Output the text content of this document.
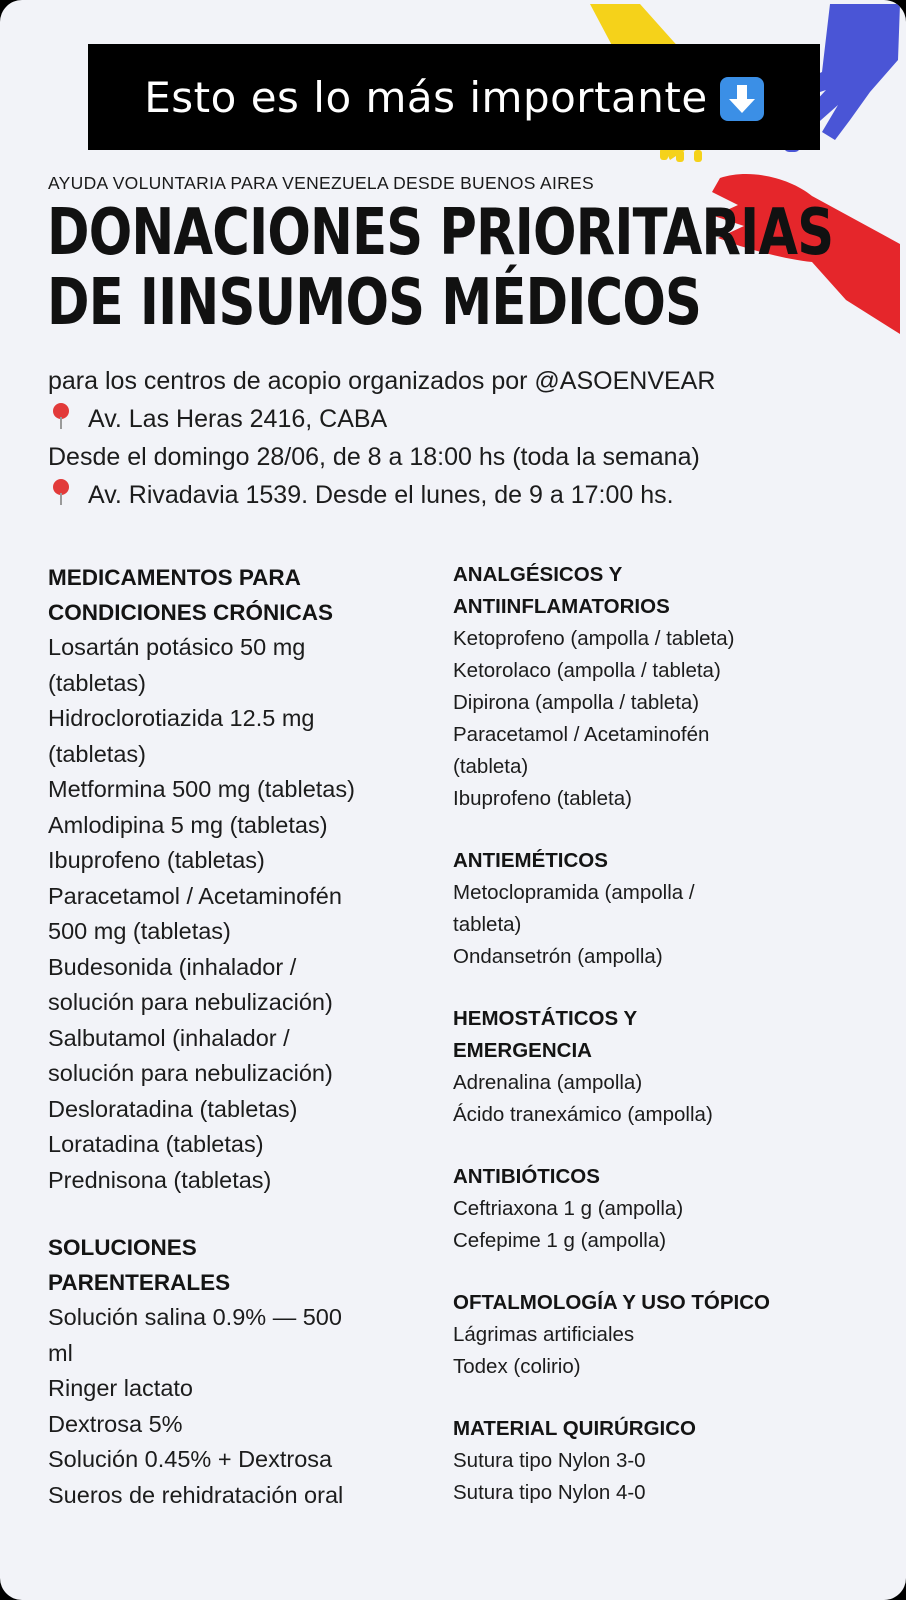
Esto es lo más importante
AYUDA VOLUNTARIA PARA VENEZUELA DESDE BUENOS AIRES
DONACIONES PRIORITARIAS
DE IINSUMOS MÉDICOS
para los centros de acopio organizados por @ASOENVEAR
Av. Las Heras 2416, CABA
Desde el domingo 28/06, de 8 a 18:00 hs (toda la semana)
Av. Rivadavia 1539. Desde el lunes, de 9 a 17:00 hs.
MEDICAMENTOS PARA
CONDICIONES CRÓNICAS
Losartán potásico 50 mg
(tabletas)
Hidroclorotiazida 12.5 mg
(tabletas)
Metformina 500 mg (tabletas)
Amlodipina 5 mg (tabletas)
Ibuprofeno (tabletas)
Paracetamol / Acetaminofén
500 mg (tabletas)
Budesonida (inhalador /
solución para nebulización)
Salbutamol (inhalador /
solución para nebulización)
Desloratadina (tabletas)
Loratadina (tabletas)
Prednisona (tabletas)
SOLUCIONES
PARENTERALES
Solución salina 0.9% — 500
ml
Ringer lactato
Dextrosa 5%
Solución 0.45% + Dextrosa
Sueros de rehidratación oral
ANALGÉSICOS Y
ANTIINFLAMATORIOS
Ketoprofeno (ampolla / tableta)
Ketorolaco (ampolla / tableta)
Dipirona (ampolla / tableta)
Paracetamol / Acetaminofén
(tableta)
Ibuprofeno (tableta)
ANTIEMÉTICOS
Metoclopramida (ampolla /
tableta)
Ondansetrón (ampolla)
HEMOSTÁTICOS Y
EMERGENCIA
Adrenalina (ampolla)
Ácido tranexámico (ampolla)
ANTIBIÓTICOS
Ceftriaxona 1 g (ampolla)
Cefepime 1 g (ampolla)
OFTALMOLOGÍA Y USO TÓPICO
Lágrimas artificiales
Todex (colirio)
MATERIAL QUIRÚRGICO
Sutura tipo Nylon 3-0
Sutura tipo Nylon 4-0
